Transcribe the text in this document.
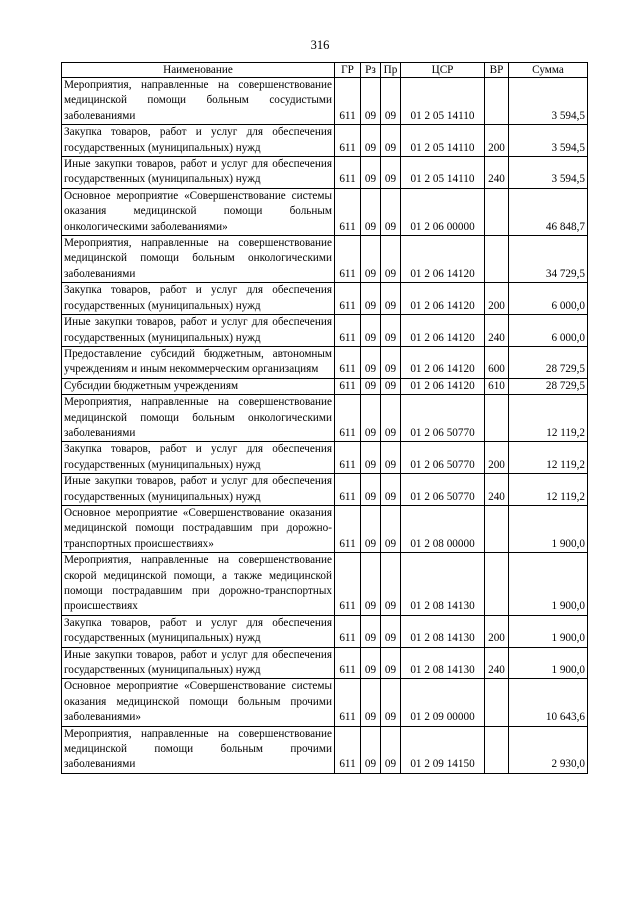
316
Наименование	ГР	Рз	Пр	ЦСР	ВР	Сумма
Мероприятия, направленные на совершенствование медицинской помощи больным сосудистыми заболеваниями	611	09	09	01 2 05 14110		3 594,5
Закупка товаров, работ и услуг для обеспечения государственных (муниципальных) нужд	611	09	09	01 2 05 14110	200	3 594,5
Иные закупки товаров, работ и услуг для обеспечения государственных (муниципальных) нужд	611	09	09	01 2 05 14110	240	3 594,5
Основное мероприятие «Совершенствование системы оказания медицинской помощи больным онкологическими заболеваниями»	611	09	09	01 2 06 00000		46 848,7
Мероприятия, направленные на совершенствование медицинской помощи больным онкологическими заболеваниями	611	09	09	01 2 06 14120		34 729,5
Закупка товаров, работ и услуг для обеспечения государственных (муниципальных) нужд	611	09	09	01 2 06 14120	200	6 000,0
Иные закупки товаров, работ и услуг для обеспечения государственных (муниципальных) нужд	611	09	09	01 2 06 14120	240	6 000,0
Предоставление субсидий бюджетным, автономным учреждениям и иным некоммерческим организациям	611	09	09	01 2 06 14120	600	28 729,5
Субсидии бюджетным учреждениям	611	09	09	01 2 06 14120	610	28 729,5
Мероприятия, направленные на совершенствование медицинской помощи больным онкологическими заболеваниями	611	09	09	01 2 06 50770		12 119,2
Закупка товаров, работ и услуг для обеспечения государственных (муниципальных) нужд	611	09	09	01 2 06 50770	200	12 119,2
Иные закупки товаров, работ и услуг для обеспечения государственных (муниципальных) нужд	611	09	09	01 2 06 50770	240	12 119,2
Основное мероприятие «Совершенствование оказания медицинской помощи пострадавшим при дорожно-транспортных происшествиях»	611	09	09	01 2 08 00000		1 900,0
Мероприятия, направленные на совершенствование скорой медицинской помощи, а также медицинской помощи пострадавшим при дорожно-транспортных происшествиях	611	09	09	01 2 08 14130		1 900,0
Закупка товаров, работ и услуг для обеспечения государственных (муниципальных) нужд	611	09	09	01 2 08 14130	200	1 900,0
Иные закупки товаров, работ и услуг для обеспечения государственных (муниципальных) нужд	611	09	09	01 2 08 14130	240	1 900,0
Основное мероприятие «Совершенствование системы оказания медицинской помощи больным прочими заболеваниями»	611	09	09	01 2 09 00000		10 643,6
Мероприятия, направленные на совершенствование медицинской помощи больным прочими заболеваниями	611	09	09	01 2 09 14150		2 930,0
